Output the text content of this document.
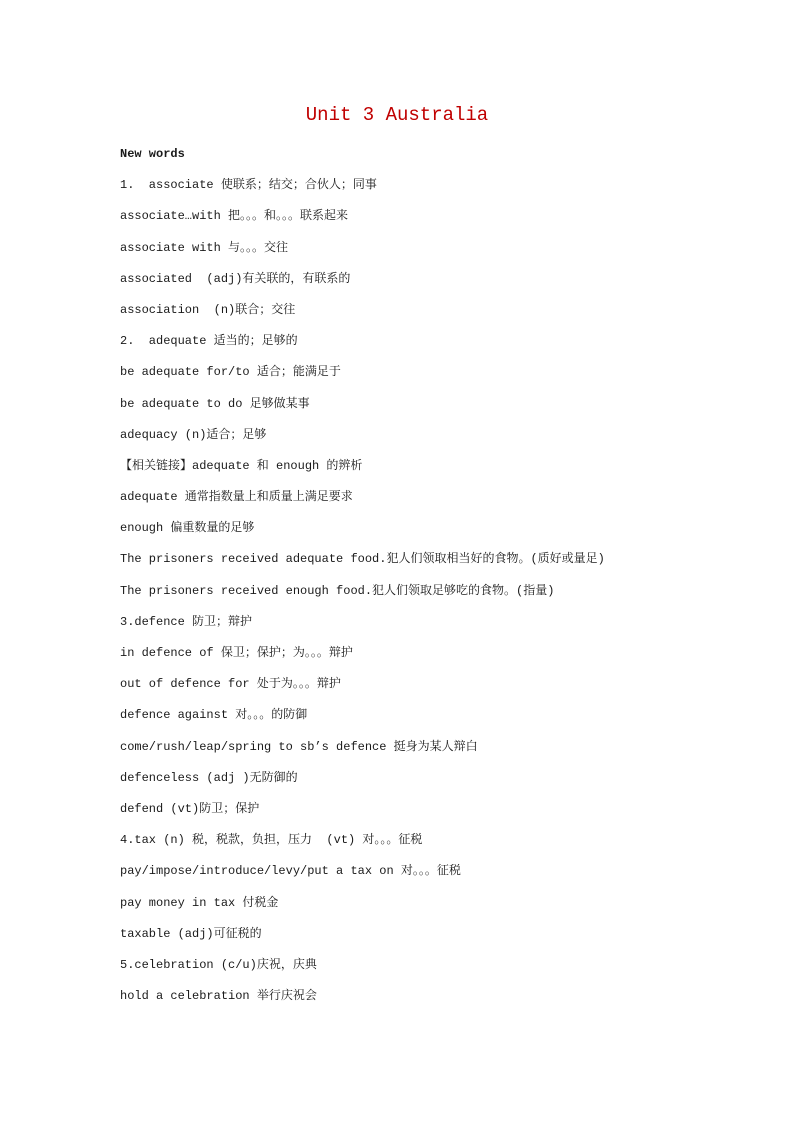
Unit 3 Australia
New words
1.  associate 使联系；结交；合伙人；同事
associate…with 把。。。和。。。联系起来
associate with 与。。。交往
associated  (adj)有关联的，有联系的
association  (n)联合；交往
2.  adequate 适当的；足够的
be adequate for/to 适合；能满足于
be adequate to do 足够做某事
adequacy (n)适合；足够
【相关链接】adequate 和 enough 的辨析
adequate 通常指数量上和质量上满足要求
enough 偏重数量的足够
The prisoners received adequate food.犯人们领取相当好的食物。(质好或量足)
The prisoners received enough food.犯人们领取足够吃的食物。(指量)
3.defence 防卫；辩护
in defence of 保卫；保护；为。。。辩护
out of defence for 处于为。。。辩护
defence against 对。。。的防御
come/rush/leap/spring to sb’s defence 挺身为某人辩白
defenceless (adj )无防御的
defend (vt)防卫；保护
4.tax (n) 税，税款，负担，压力  (vt) 对。。。征税
pay/impose/introduce/levy/put a tax on 对。。。征税
pay money in tax 付税金
taxable (adj)可征税的
5.celebration (c/u)庆祝，庆典
hold a celebration 举行庆祝会
